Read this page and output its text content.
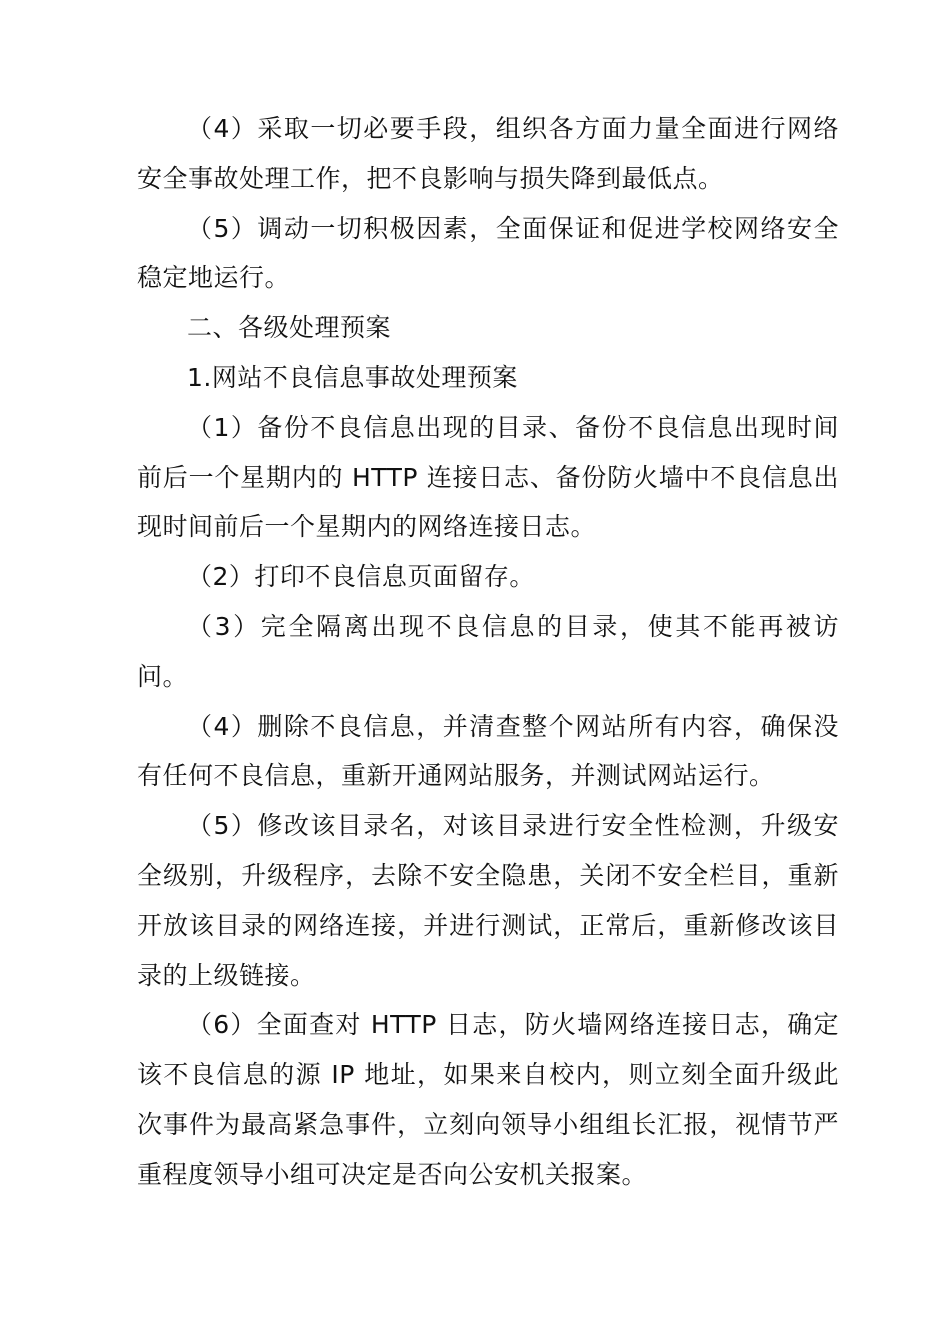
（4）采取一切必要手段，组织各方面力量全面进行网络安全事故处理工作，把不良影响与损失降到最低点。

（5）调动一切积极因素，全面保证和促进学校网络安全稳定地运行。

二、各级处理预案

1.网站不良信息事故处理预案

（1）备份不良信息出现的目录、备份不良信息出现时间前后一个星期内的 HTTP 连接日志、备份防火墙中不良信息出现时间前后一个星期内的网络连接日志。

（2）打印不良信息页面留存。

（3）完全隔离出现不良信息的目录，使其不能再被访问。

（4）删除不良信息，并清查整个网站所有内容，确保没有任何不良信息，重新开通网站服务，并测试网站运行。

（5）修改该目录名，对该目录进行安全性检测，升级安全级别，升级程序，去除不安全隐患，关闭不安全栏目，重新开放该目录的网络连接，并进行测试，正常后，重新修改该目录的上级链接。

（6）全面查对 HTTP 日志，防火墙网络连接日志，确定该不良信息的源 IP 地址，如果来自校内，则立刻全面升级此次事件为最高紧急事件，立刻向领导小组组长汇报，视情节严重程度领导小组可决定是否向公安机关报案。
